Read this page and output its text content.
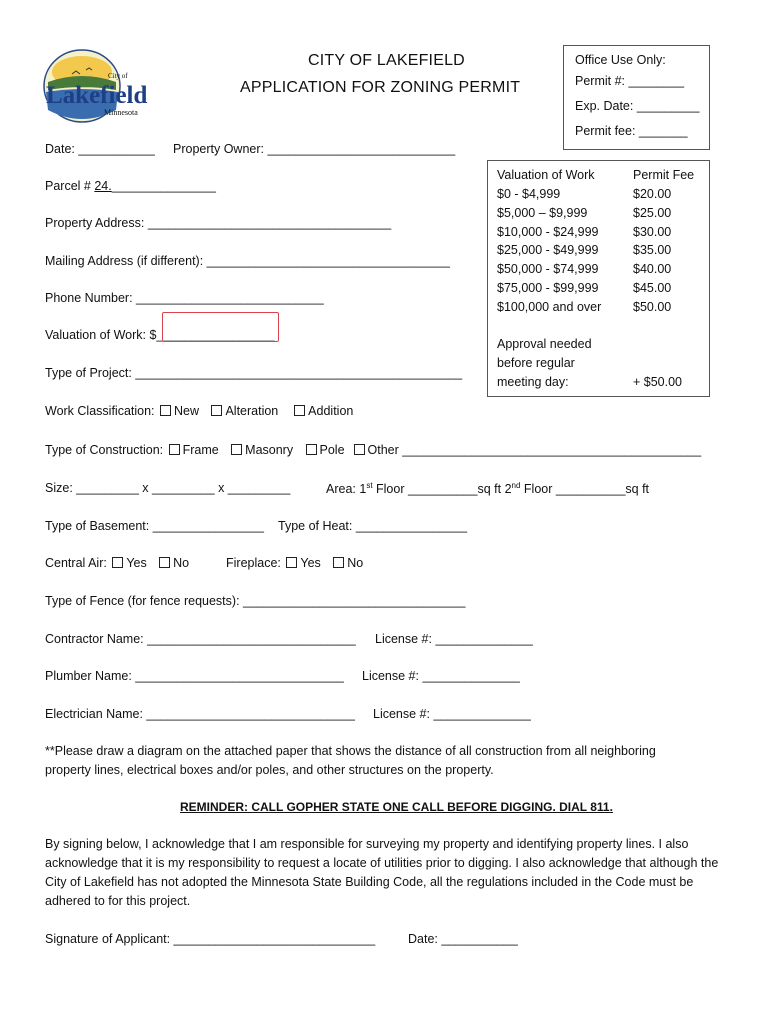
City of
Lakefield
Minnesota
CITY OF LAKEFIELD
APPLICATION FOR ZONING PERMIT
Office Use Only:
Permit #: ________
Exp. Date: _________
Permit fee: _______
Date: ___________ Property Owner: ___________________________
Parcel # 24._______________
Property Address: ___________________________________
Mailing Address (if different): ___________________________________
Phone Number: ___________________________
Valuation of Work: $_________________
Type of Project: _______________________________________________
Valuation of Work	Permit Fee
$0 - $4,999	$20.00
$5,000 – $9,999	$25.00
$10,000 - $24,999	$30.00
$25,000 - $49,999	$35.00
$50,000 - $74,999	$40.00
$75,000 - $99,999	$45.00
$100,000 and over	$50.00
Approval needed
before regular
meeting day:	+ $50.00
Work Classification: New Alteration Addition
Type of Construction: Frame Masonry Pole Other ___________________________________________
Size: _________ x _________ x _________	Area: 1st Floor __________sq ft 2nd Floor __________sq ft
Type of Basement: ________________ Type of Heat: ________________
Central Air: Yes No	Fireplace: Yes No
Type of Fence (for fence requests): ________________________________
Contractor Name: ______________________________ License #: ______________
Plumber Name: ______________________________ License #: ______________
Electrician Name: ______________________________ License #: ______________
**Please draw a diagram on the attached paper that shows the distance of all construction from all neighboring property lines, electrical boxes and/or poles, and other structures on the property.
REMINDER: CALL GOPHER STATE ONE CALL BEFORE DIGGING. DIAL 811.
By signing below, I acknowledge that I am responsible for surveying my property and identifying property lines. I also acknowledge that it is my responsibility to request a locate of utilities prior to digging. I also acknowledge that although the City of Lakefield has not adopted the Minnesota State Building Code, all the regulations included in the Code must be adhered to for this project.
Signature of Applicant: _____________________________	Date: ___________
